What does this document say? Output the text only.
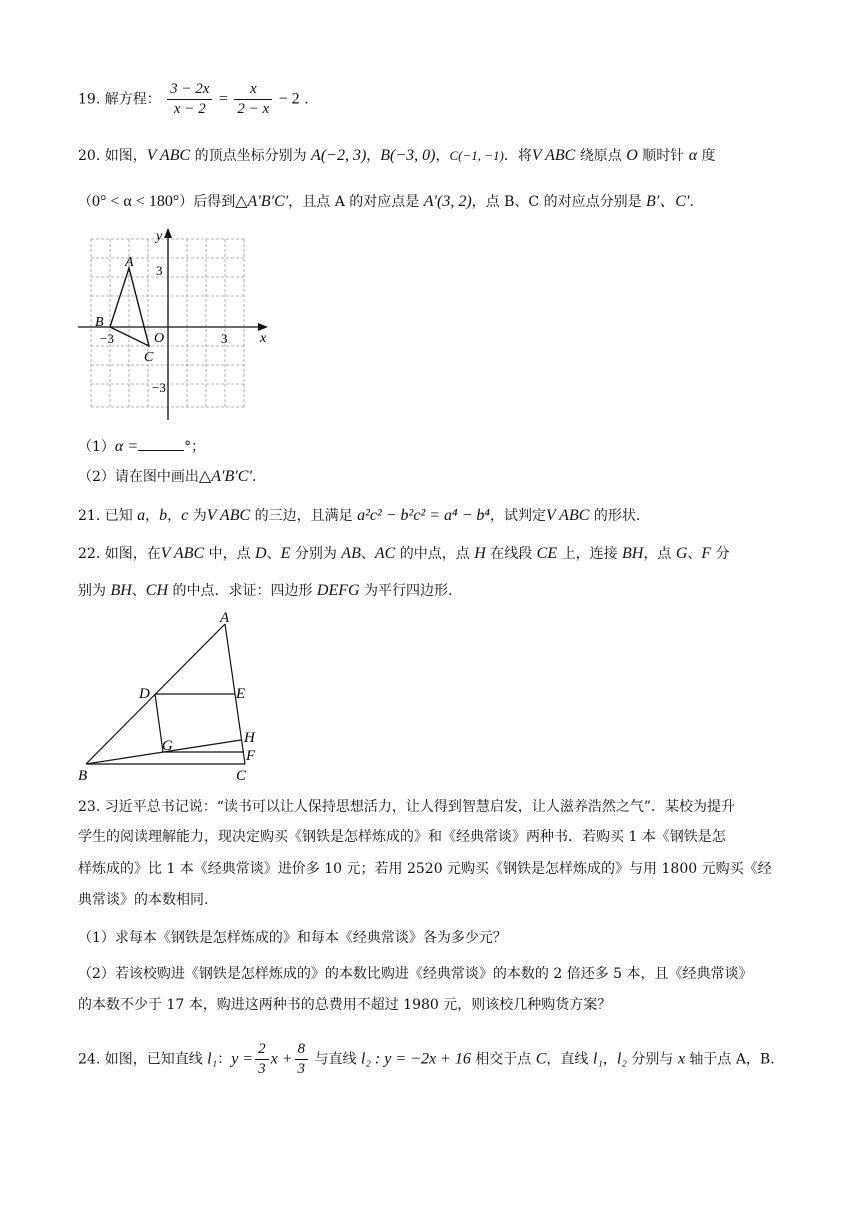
19. 解方程： $\frac{3 - 2x}{x - 2} = \frac{x}{2 - x} - 2$ .
20. 如图，V ABC 的顶点坐标分别为 A(−2, 3)，B(−3, 0)，C(−1, −1)．将V ABC 绕原点 O 顺时针 α 度
（0° < α < 180°）后得到△A′B′C′，且点 A 的对应点是 A′(3, 2)，点 B、C 的对应点分别是 B′、C′．
x
y
O
−3	3
3
−3
A
B
C
（1）α =	°；
（2）请在图中画出△A′B′C′．
21. 已知 a，b，c 为V ABC 的三边，且满足 a²c² − b²c² = a⁴ − b⁴，试判定V ABC 的形状.
22. 如图，在V ABC 中，点 D、E 分别为 AB、AC 的中点，点 H 在线段 CE 上，连接 BH，点 G、F 分
别为 BH、CH 的中点．求证：四边形 DEFG 为平行四边形.
A
B	C
D	E
F
G	H
23. 习近平总书记说：“读书可以让人保持思想活力，让人得到智慧启发，让人滋养浩然之气”．某校为提升
学生的阅读理解能力，现决定购买《钢铁是怎样炼成的》和《经典常谈》两种书．若购买 1 本《钢铁是怎
样炼成的》比 1 本《经典常谈》进价多 10 元；若用 2520 元购买《钢铁是怎样炼成的》与用 1800 元购买《经
典常谈》的本数相同.
（1）求每本《钢铁是怎样炼成的》和每本《经典常谈》各为多少元？
（2）若该校购进《钢铁是怎样炼成的》的本数比购进《经典常谈》的本数的 2 倍还多 5 本，且《经典常谈》
的本数不少于 17 本，购进这两种书的总费用不超过 1980 元，则该校几种购货方案？
24. 如图，已知直线 l₁：$y = \frac{2}{3}$ $x + \frac{8}{3}$ 与直线 l₂ : y = −2x + 16 相交于点 C，直线 l₁，l₂ 分别与 x 轴于点 A，B.
